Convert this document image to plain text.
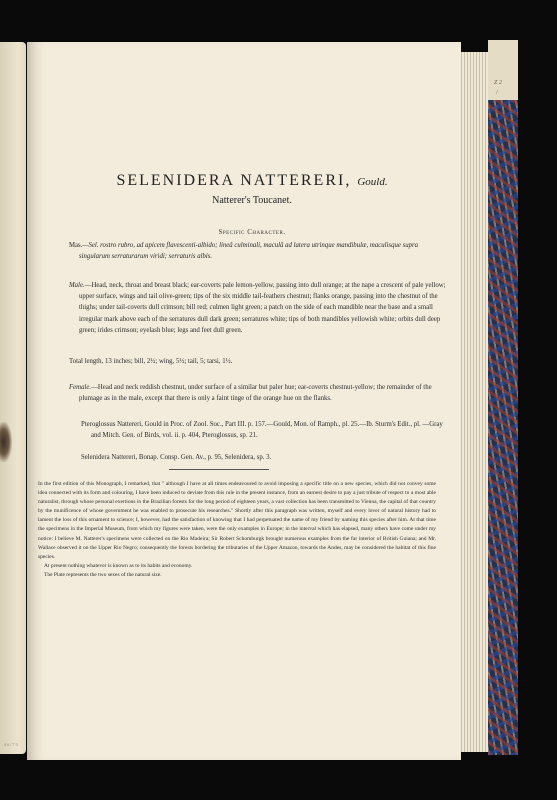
4·6 / 7·3
Z 2
/
SELENIDERA NATTERERI, Gould.
Natterer's Toucanet.
Specific Character.
Mas.—Sel. rostro rubro, ad apicem flavescenti-albido; lineâ culminali, maculâ ad latera utrinque mandibulæ, maculisque supra singularum serraturarum viridi; serraturis albis.
Male.—Head, neck, throat and breast black; ear-coverts pale lemon-yellow, passing into dull orange; at the nape a crescent of pale yellow; upper surface, wings and tail olive-green; tips of the six middle tail-feathers chestnut; flanks orange, passing into the chestnut of the thighs; under tail-coverts dull crimson; bill red; culmen light green; a patch on the side of each mandible near the base and a small irregular mark above each of the serratures dull dark green; serratures white; tips of both mandibles yellowish white; orbits dull deep green; irides crimson; eyelash blue; legs and feet dull green.
Total length, 13 inches; bill, 2½; wing, 5½; tail, 5; tarsi, 1½.
Female.—Head and neck reddish chestnut, under surface of a similar but paler hue; ear-coverts chestnut-yellow; the remainder of the plumage as in the male, except that there is only a faint tinge of the orange hue on the flanks.
Pteroglossus Nattereri, Gould in Proc. of Zool. Soc., Part III. p. 157.—Gould, Mon. of Ramph., pl. 25.—Ib. Sturm's Edit., pl. —Gray and Mitch. Gen. of Birds, vol. ii. p. 404, Pteroglossus, sp. 21.
Selenidera Nattereri, Bonap. Consp. Gen. Av., p. 95, Selenidera, sp. 3.

In the first edition of this Monograph, I remarked, that " although I have at all times endeavoured to avoid imposing a specific title on a new species, which did not convey some idea connected with its form and colouring, I have been induced to deviate from this rule in the present instance, from an earnest desire to pay a just tribute of respect to a most able naturalist, through whose personal exertions in the Brazilian forests for the long period of eighteen years, a vast collection has been transmitted to Vienna, the capital of that country by the munificence of whose government he was enabled to prosecute his researches." Shortly after this paragraph was written, myself and every lover of natural history had to lament the loss of this ornament to science; I, however, had the satisfaction of knowing that I had perpetuated the name of my friend by naming this species after him. At that time the specimens in the Imperial Museum, from which my figures were taken, were the only examples in Europe; in the interval which has elapsed, many others have come under my notice: I believe M. Natterer's specimens were collected on the Rio Madeira; Sir Robert Schomburgk brought numerous examples from the far interior of British Guiana; and Mr. Wallace observed it on the Upper Rio Negro; consequently the forests bordering the tributaries of the Upper Amazon, towards the Andes, may be considered the habitat of this fine species.

At present nothing whatever is known as to its habits and economy.

The Plate represents the two sexes of the natural size.
